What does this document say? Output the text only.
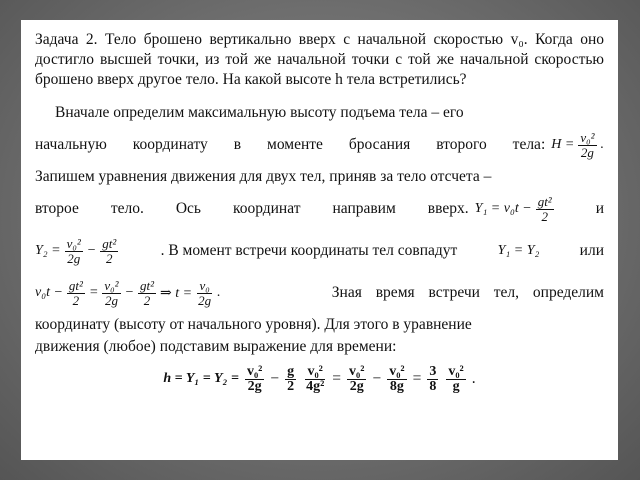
Задача 2. Тело брошено вертикально вверх с начальной скоростью v₀. Когда оно достигло высшей точки, из той же начальной точки с той же начальной скоростью брошено вверх другое тело. На какой высоте h тела встретились?

Вначале определим максимальную высоту подъема тела – его
начальную координату в моменте бросания второго тела: $H = \frac{\text{v₀²}}{2g}$ .
Запишем уравнения движения для двух тел, приняв за тело отсчета –
второе тело. Ось координат направим вверх. $Y_1 = v_0t - \frac{\text{gt²}}{2}$	и
$Y_2 = \frac{\text{v₀²}}{2g} - \frac{\text{gt²}}{2}$	. В момент встречи координаты тел совпадут	Y₁ = Y₂	или
$v_0t - \frac{\text{gt²}}{2} = \frac{\text{v₀²}}{2g} - \frac{\text{gt²}}{2}$ ⇒ $t = \frac{\text{v₀}}{2g}$ .	Зная время встречи тел, определим
координату (высоту от начального уровня). Для этого в уравнение
движения (любое) подставим выражение для времени:
$h = Y_1 = Y_2 = \frac{\text{v₀²}}{2g} - \frac{g}{2} \frac{\text{v₀²}}{\text{4g²}} = \frac{\text{v₀²}}{2g} - \frac{\text{v₀²}}{8g} = \frac{3}{8} \frac{\text{v₀²}}{g}$ .
